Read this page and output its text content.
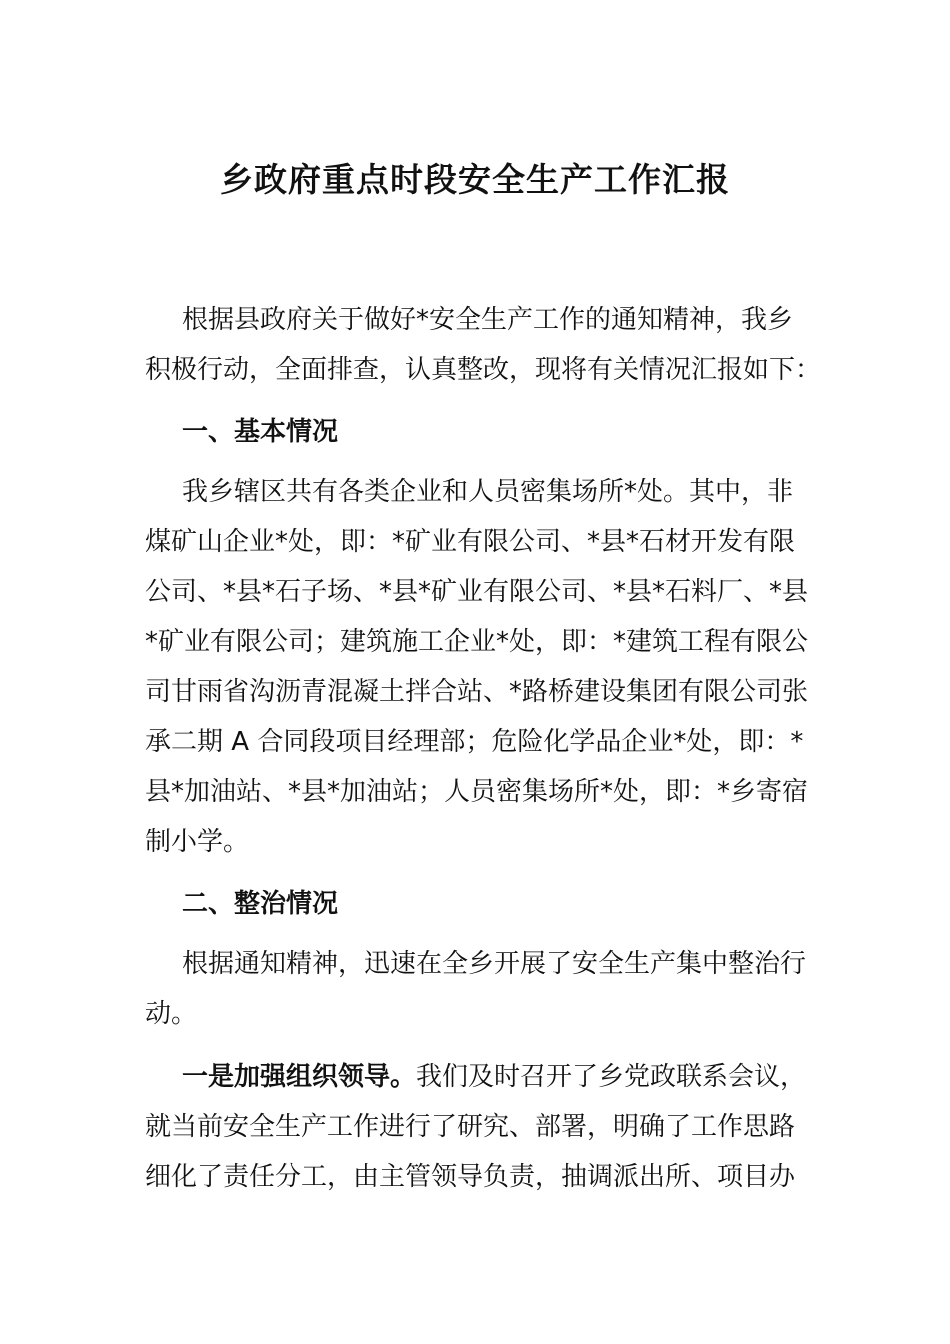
乡政府重点时段安全生产工作汇报
根据县政府关于做好*安全生产工作的通知精神，我乡
积极行动，全面排查，认真整改，现将有关情况汇报如下：
一、基本情况
我乡辖区共有各类企业和人员密集场所*处。其中，非
煤矿山企业*处，即：*矿业有限公司、*县*石材开发有限
公司、*县*石子场、*县*矿业有限公司、*县*石料厂、*县
*矿业有限公司；建筑施工企业*处，即：*建筑工程有限公
司甘雨省沟沥青混凝土拌合站、*路桥建设集团有限公司张
承二期 A 合同段项目经理部；危险化学品企业*处，即：*
县*加油站、*县*加油站；人员密集场所*处，即：*乡寄宿
制小学。
二、整治情况
根据通知精神，迅速在全乡开展了安全生产集中整治行
动。
一是加强组织领导。我们及时召开了乡党政联系会议，
就当前安全生产工作进行了研究、部署，明确了工作思路
细化了责任分工，由主管领导负责，抽调派出所、项目办
